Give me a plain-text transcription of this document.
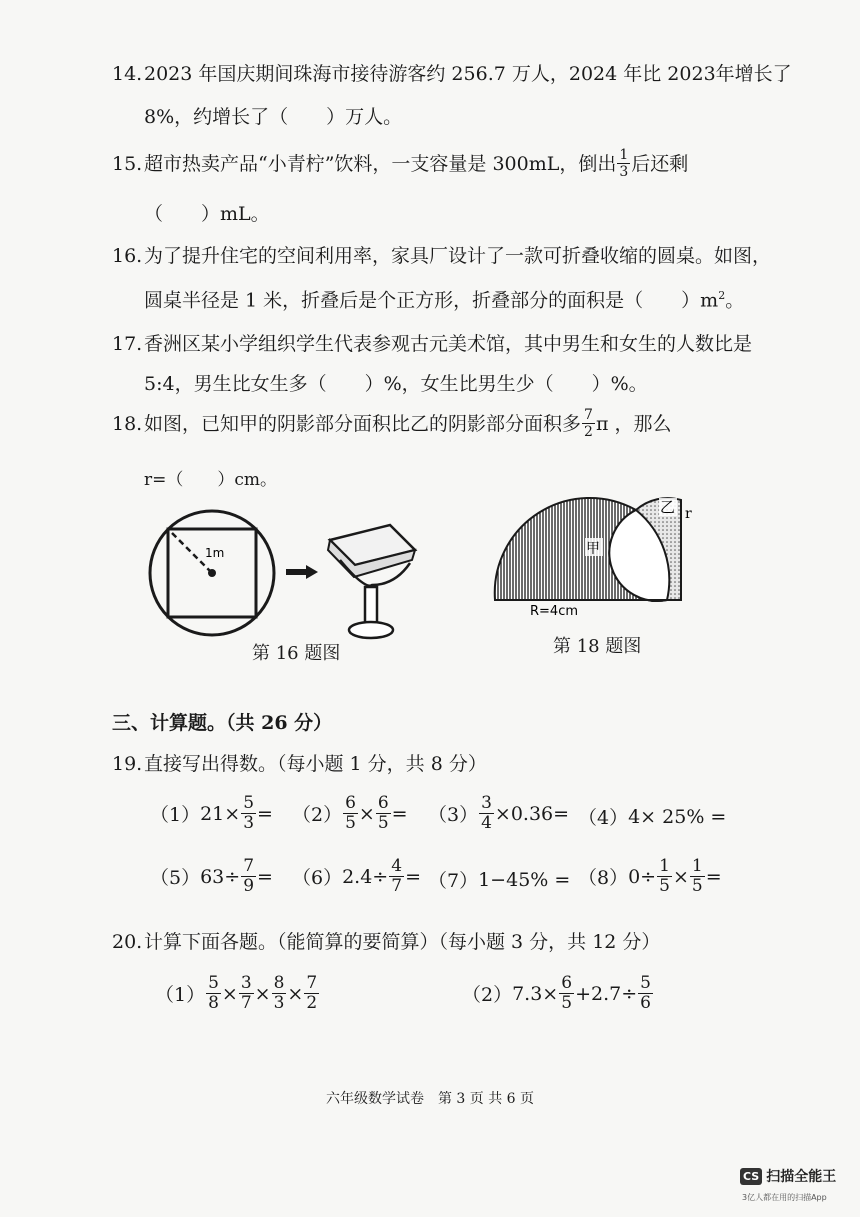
14.2023 年国庆期间珠海市接待游客约 256.7 万人，2024 年比 2023年增长了
8%，约增长了（　　）万人。
15. 超市热卖产品“小青柠”饮料，一支容量是 300mL，倒出 $\frac{1}{3}$ 后还剩
（　　）mL。
16.为了提升住宅的空间利用率，家具厂设计了一款可折叠收缩的圆桌。如图，
圆桌半径是 1 米，折叠后是个正方形，折叠部分的面积是（　　）$m^2$。
17.香洲区某小学组织学生代表参观古元美术馆，其中男生和女生的人数比是
5:4，男生比女生多（　　）%，女生比男生少（　　）%。
18. 如图，已知甲的阴影部分面积比乙的阴影部分面积多 $\frac{7}{2}$ π ，那么
r=（　　）cm。
1m
第 16 题图
甲
乙 r
R=4cm
第 18 题图
三、计算题。（共 26 分）
19.直接写出得数。（每小题 1 分，共 8 分）
（1） $21\times \frac{5}{3} = (2) \frac{6}{5} \times \frac{6}{5} = (3) \frac{3}{4} \times 0.36= (4)$ 4× 25% =
（5） $63\div \frac{7}{9} = (6)$ $2.4\div \frac{4}{7} = (7) 1-45\% = (8)$ $0\div \frac{1}{5} \times \frac{1}{5}$ =
20.计算下面各题。（能简算的要简算）（每小题 3 分，共 12 分）
$(1) \frac{5}{8} \times \frac{3}{7} \times \frac{8}{3} \times \frac{7}{2}$	（2） $7.3\times \frac{6}{5} +2.7\div \frac{5}{6}$
六年级数学试卷　第 3 页 共 6 页
CS 扫描全能王
3亿人都在用的扫描App
